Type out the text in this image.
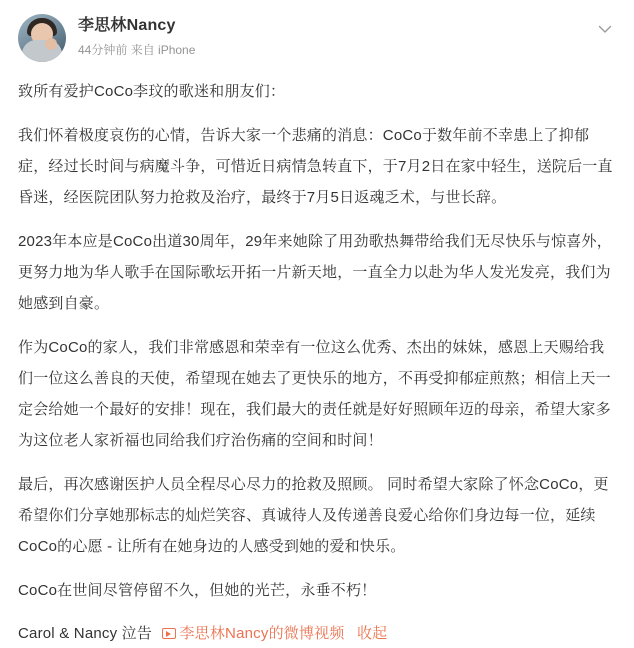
李思林Nancy
44分钟前 来自 iPhone

致所有爱护CoCo李玟的歌迷和朋友们：

我们怀着极度哀伤的心情，告诉大家一个悲痛的消息：CoCo于数年前不幸患上了抑郁症，经过长时间与病魔斗争，可惜近日病情急转直下，于7月2日在家中轻生，送院后一直昏迷，经医院团队努力抢救及治疗，最终于7月5日返魂乏术，与世长辞。

2023年本应是CoCo出道30周年，29年来她除了用劲歌热舞带给我们无尽快乐与惊喜外，更努力地为华人歌手在国际歌坛开拓一片新天地，一直全力以赴为华人发光发亮，我们为她感到自豪。

作为CoCo的家人，我们非常感恩和荣幸有一位这么优秀、杰出的妹妹，感恩上天赐给我们一位这么善良的天使，希望现在她去了更快乐的地方，不再受抑郁症煎熬；相信上天一定会给她一个最好的安排！现在，我们最大的责任就是好好照顾年迈的母亲，希望大家多为这位老人家祈福也同给我们疗治伤痛的空间和时间！

最后，再次感谢医护人员全程尽心尽力的抢救及照顾。 同时希望大家除了怀念CoCo，更希望你们分享她那标志的灿烂笑容、真诚待人及传递善良爱心给你们身边每一位，延续CoCo的心愿 - 让所有在她身边的人感受到她的爱和快乐。

CoCo在世间尽管停留不久，但她的光芒，永垂不朽！

Carol & Nancy 泣告 李思林Nancy的微博视频 收起
